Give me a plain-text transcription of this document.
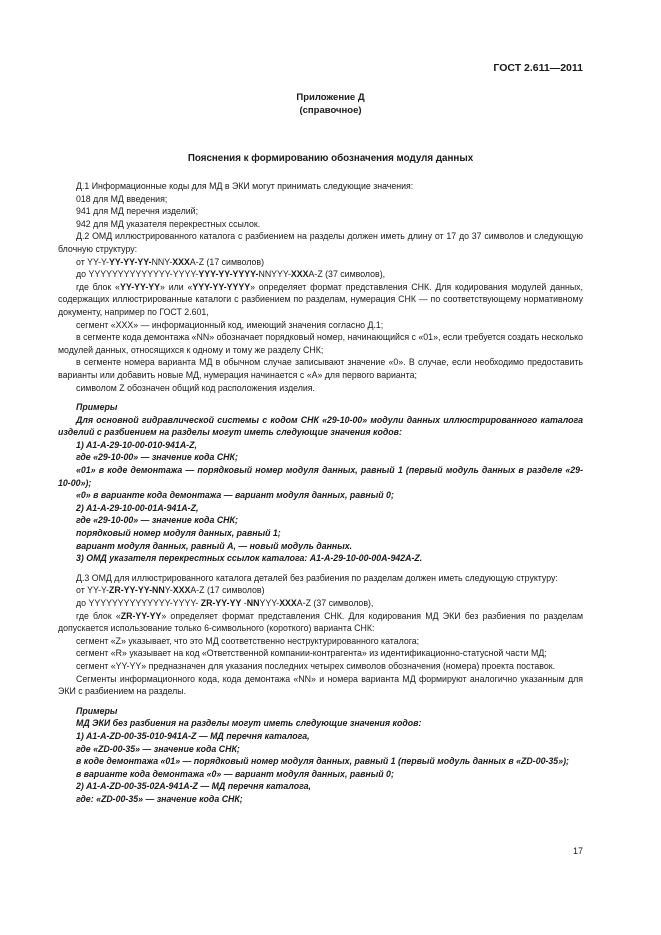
ГОСТ 2.611—2011
Приложение Д
(справочное)
Пояснения к формированию обозначения модуля данных

Д.1 Информационные коды для МД в ЭКИ могут принимать следующие значения:

018 для МД введения;

941 для МД перечня изделий;

942 для МД указателя перекрестных ссылок.

Д.2 ОМД иллюстрированного каталога с разбиением на разделы должен иметь длину от 17 до 37 символов и следующую блочную структуру:

от YY-Y-YY-YY-YY-NNY-XXXA-Z (17 символов)

до YYYYYYYYYYYYYY-YYYY-YYY-YY-YYYY-NNYYY-XXXA-Z (37 символов),

где блок «YY-YY-YY» или «YYY-YY-YYYY» определяет формат представления СНК. Для кодирования модулей данных, содержащих иллюстрированные каталоги с разбиением по разделам, нумерация СНК — по соответствующему нормативному документу, например по ГОСТ 2.601,

сегмент «XXX» — информационный код, имеющий значения согласно Д.1;

в сегменте кода демонтажа «NN» обозначает порядковый номер, начинающийся с «01», если требуется создать несколько модулей данных, относящихся к одному и тому же разделу СНК;

в сегменте номера варианта МД в обычном случае записывают значение «0». В случае, если необходимо предоставить варианты или добавить новые МД, нумерация начинается с «А» для первого варианта;

символом Z обозначен общий код расположения изделия.

Примеры

Для основной гидравлической системы с кодом СНК «29-10-00» модули данных иллюстрированного каталога изделий с разбиением на разделы могут иметь следующие значения кодов:

1) A1-A-29-10-00-010-941A-Z,

где «29-10-00» — значение кода СНК;

«01» в коде демонтажа — порядковый номер модуля данных, равный 1 (первый модуль данных в разделе «29-10-00»);

«0» в варианте кода демонтажа — вариант модуля данных, равный 0;

2) A1-A-29-10-00-01A-941A-Z,

где «29-10-00» — значение кода СНК;

порядковый номер модуля данных, равный 1;

вариант модуля данных, равный А, — новый модуль данных.

3) ОМД указателя перекрестных ссылок каталога: A1-A-29-10-00-00A-942A-Z.

Д.3 ОМД для иллюстрированного каталога деталей без разбиения по разделам должен иметь следующую структуру:

от YY-Y-ZR-YY-YY-NNY-XXXA-Z (17 символов)

до YYYYYYYYYYYYYY-YYYY- ZR-YY-YY -NNYYY-XXXA-Z (37 символов),

где блок «ZR-YY-YY» определяет формат представления СНК. Для кодирования МД ЭКИ без разбиения по разделам допускается использование только 6-символьного (короткого) варианта СНК:

сегмент «Z» указывает, что это МД соответственно неструктурированного каталога;

сегмент «R» указывает на код «Ответственной компании-контрагента» из идентификационно-статусной части МД;

сегмент «YY-YY» предназначен для указания последних четырех символов обозначения (номера) проекта поставок.

Сегменты информационного кода, кода демонтажа «NN» и номера варианта МД формируют аналогично указанным для ЭКИ с разбиением на разделы.

Примеры

МД ЭКИ без разбиения на разделы могут иметь следующие значения кодов:

1) A1-A-ZD-00-35-010-941A-Z — МД перечня каталога,

где «ZD-00-35» — значение кода СНК;

в коде демонтажа «01» — порядковый номер модуля данных, равный 1 (первый модуль данных в «ZD-00-35»);

в варианте кода демонтажа «0» — вариант модуля данных, равный 0;

2) A1-A-ZD-00-35-02A-941A-Z — МД перечня каталога,

где: «ZD-00-35» — значение кода СНК;

17
